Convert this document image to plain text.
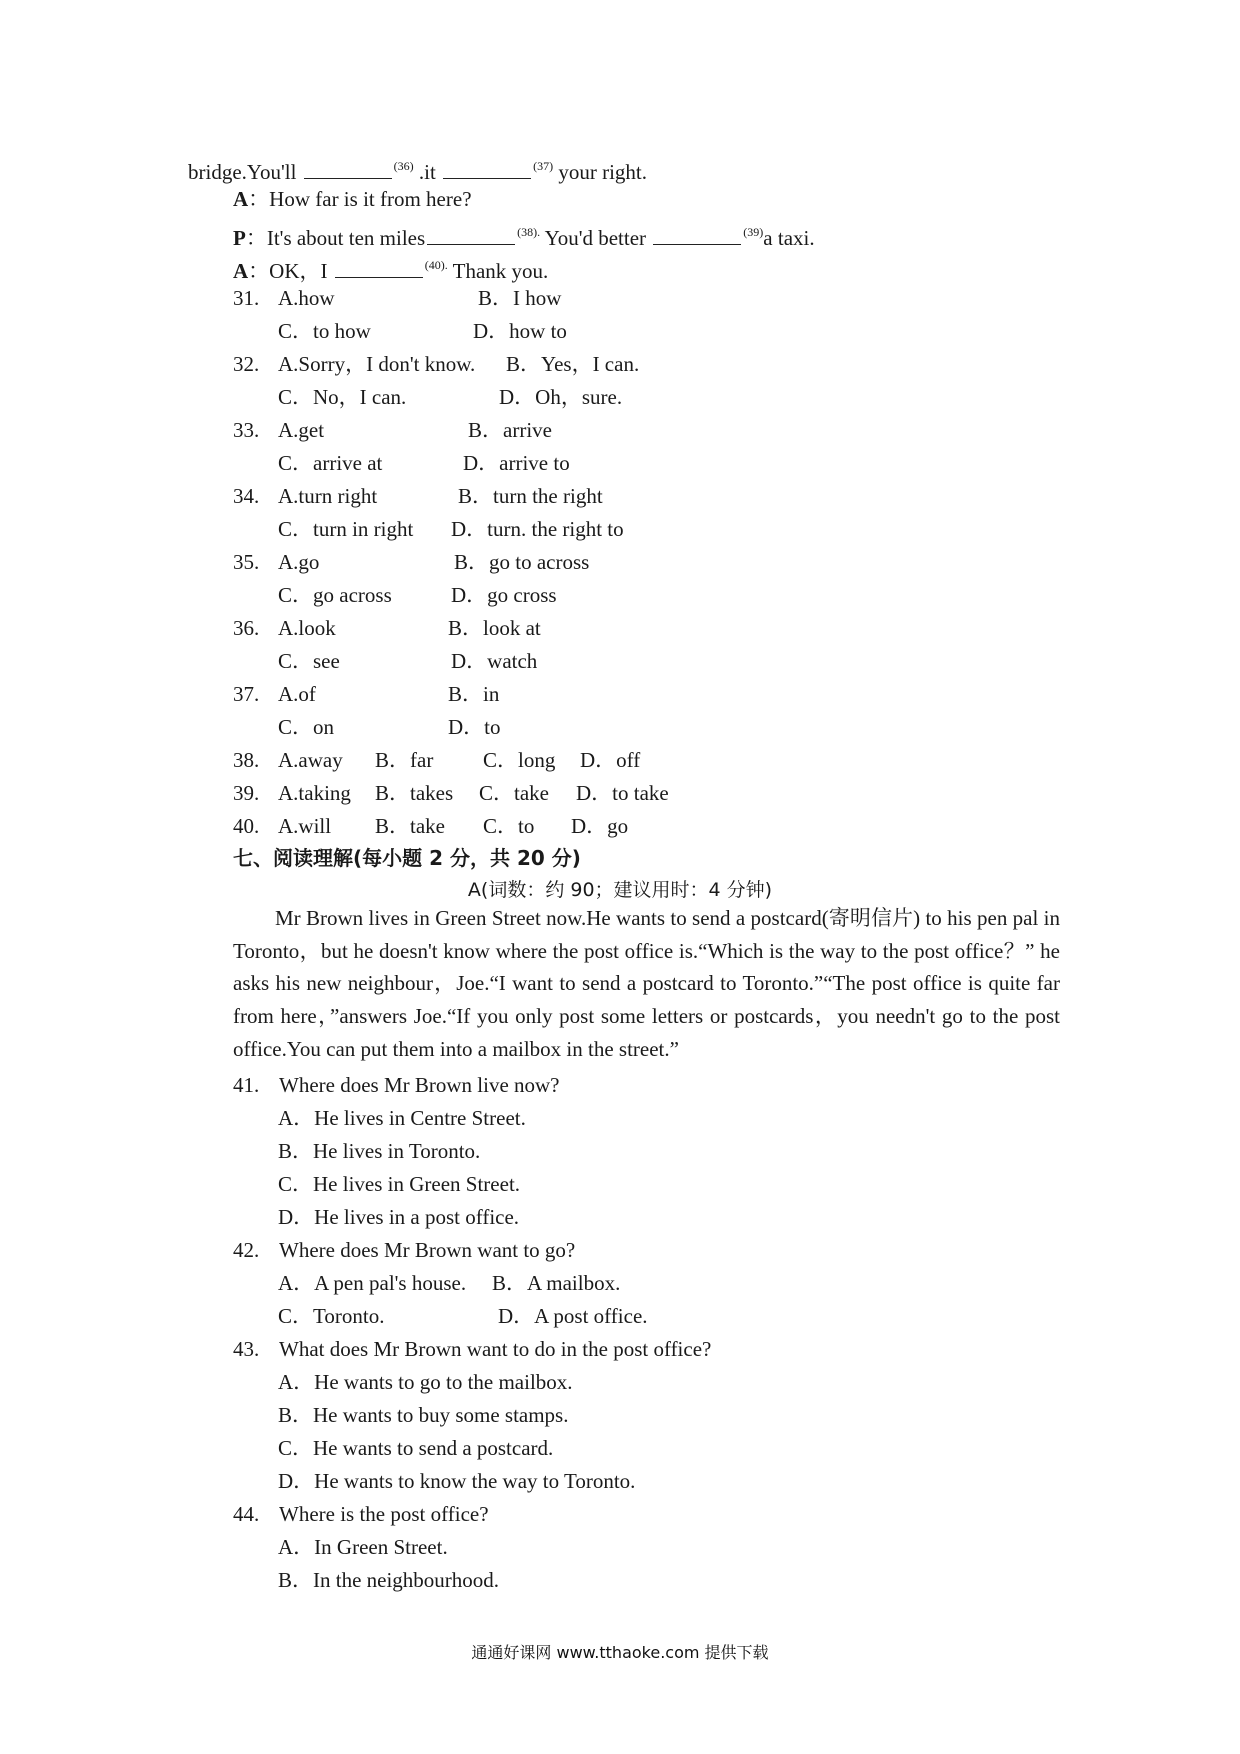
bridge.You'll	$^{(36)}$ .it	$^{(37)}$ your right.
A：How far is it from here?
P：It's about ten miles	$^{(38).}$ You'd better	$^{(39)}$a taxi.
A：OK，I	$^{(40).}$ Thank you.
31. A.how	B．I how
C．to how	D．how to
32. A.Sorry，I don't know. B．Yes，I can.
C．No，I can.	D．Oh，sure.
33. A.get	B．arrive
C．arrive at	D．arrive to
34. A.turn right	B．turn the right
C．turn in right D．turn. the right to
35. A.go	B．go to across
C．go across	D．go cross
36. A.look	B．look at
C．see	D．watch
37. A.of	B．in
C．on	D．to
38. A.away B．far C．long D．off
39. A.taking B．takes C．take D．to take
40. A.will B．take C．to D．go
七、阅读理解(每小题 2 分，共 20 分)
A(词数：约 90；建议用时：4 分钟)
Mr Brown lives in Green Street now.He wants to send a postcard(寄明信片) to his pen pal in Toronto，but he doesn't know where the post office is.“Which is the way to the post office？” he asks his new neighbour，Joe.“I want to send a postcard to Toronto.”“The post office is quite far from here，”answers Joe.“If you only post some letters or postcards，you needn't go to the post office.You can put them into a mailbox in the street.”
41. Where does Mr Brown live now?
A．He lives in Centre Street.
B．He lives in Toronto.
C．He lives in Green Street.
D．He lives in a post office.
42. Where does Mr Brown want to go?
A．A pen pal's house. B．A mailbox.
C．Toronto.	D．A post office.
43. What does Mr Brown want to do in the post office?
A．He wants to go to the mailbox.
B．He wants to buy some stamps.
C．He wants to send a postcard.
D．He wants to know the way to Toronto.
44. Where is the post office?
A．In Green Street.
B．In the neighbourhood.
通通好课网 www.tthaoke.com 提供下载
